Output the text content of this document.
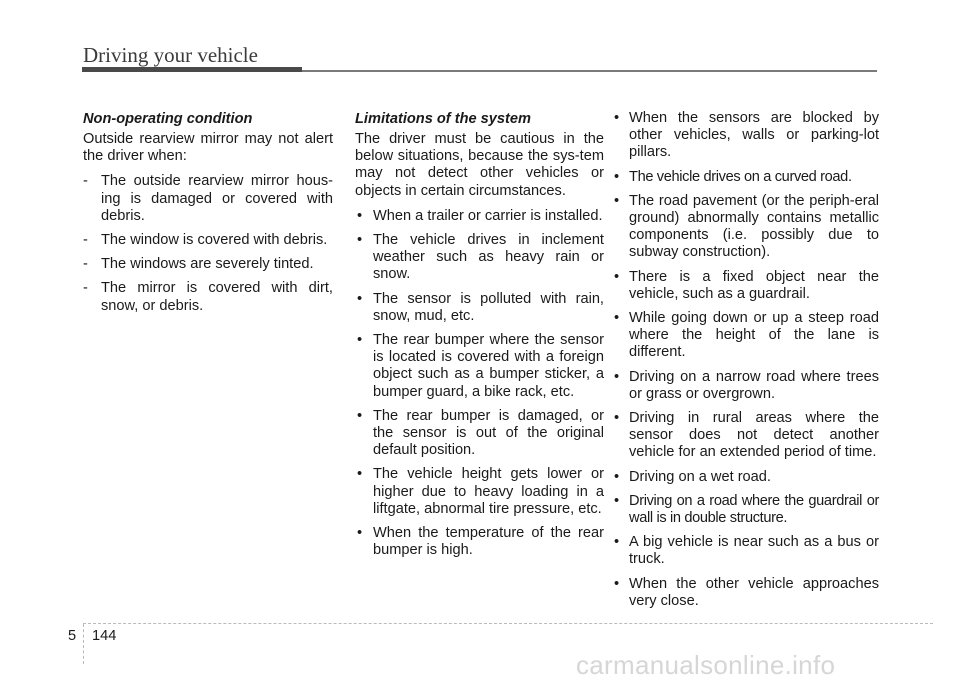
Driving your vehicle
Non-operating condition
Outside rearview mirror may not alert the driver when:
- The outside rearview mirror hous-ing is damaged or covered with debris.
- The window is covered with debris.
- The windows are severely tinted.
- The mirror is covered with dirt, snow, or debris.
Limitations of the system
The driver must be cautious in the below situations, because the sys-tem may not detect other vehicles or objects in certain circumstances.
• When a trailer or carrier is installed.
• The vehicle drives in inclement weather such as heavy rain or snow.
• The sensor is polluted with rain, snow, mud, etc.
• The rear bumper where the sensor is located is covered with a foreign object such as a bumper sticker, a bumper guard, a bike rack, etc.
• The rear bumper is damaged, or the sensor is out of the original default position.
• The vehicle height gets lower or higher due to heavy loading in a liftgate, abnormal tire pressure, etc.
• When the temperature of the rear bumper is high.
• When the sensors are blocked by other vehicles, walls or parking-lot pillars.
• The vehicle drives on a curved road.
• The road pavement (or the periph-eral ground) abnormally contains metallic components (i.e. possibly due to subway construction).
• There is a fixed object near the vehicle, such as a guardrail.
• While going down or up a steep road where the height of the lane is different.
• Driving on a narrow road where trees or grass or overgrown.
• Driving in rural areas where the sensor does not detect another vehicle for an extended period of time.
• Driving on a wet road.
• Driving on a road where the guardrail or wall is in double structure.
• A big vehicle is near such as a bus or truck.
• When the other vehicle approaches very close.
5 144
carmanualsonline.info
